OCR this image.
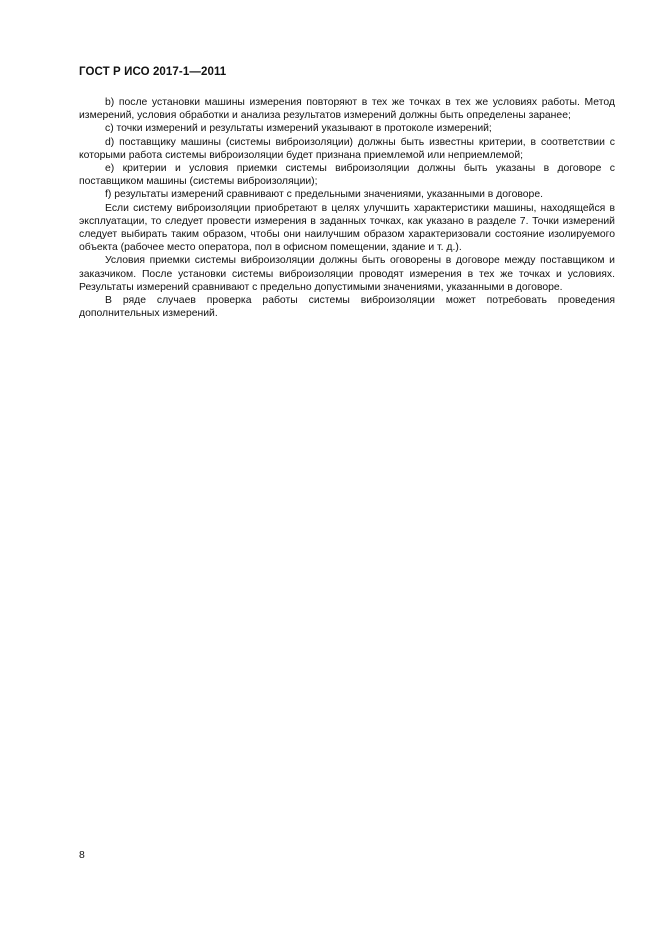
ГОСТ Р ИСО 2017-1—2011

b) после установки машины измерения повторяют в тех же точках в тех же условиях работы. Метод измерений, условия обработки и анализа результатов измерений должны быть определены заранее;

c) точки измерений и результаты измерений указывают в протоколе измерений;

d) поставщику машины (системы виброизоляции) должны быть известны критерии, в соответствии с которыми работа системы виброизоляции будет признана приемлемой или неприемлемой;

e) критерии и условия приемки системы виброизоляции должны быть указаны в договоре с поставщиком машины (системы виброизоляции);

f) результаты измерений сравнивают с предельными значениями, указанными в договоре.

Если систему виброизоляции приобретают в целях улучшить характеристики машины, находящейся в эксплуатации, то следует провести измерения в заданных точках, как указано в разделе 7. Точки измерений следует выбирать таким образом, чтобы они наилучшим образом характеризовали состояние изолируемого объекта (рабочее место оператора, пол в офисном помещении, здание и т. д.).

Условия приемки системы виброизоляции должны быть оговорены в договоре между поставщиком и заказчиком. После установки системы виброизоляции проводят измерения в тех же точках и условиях. Результаты измерений сравнивают с предельно допустимыми значениями, указанными в договоре.

В ряде случаев проверка работы системы виброизоляции может потребовать проведения дополнительных измерений.

8
